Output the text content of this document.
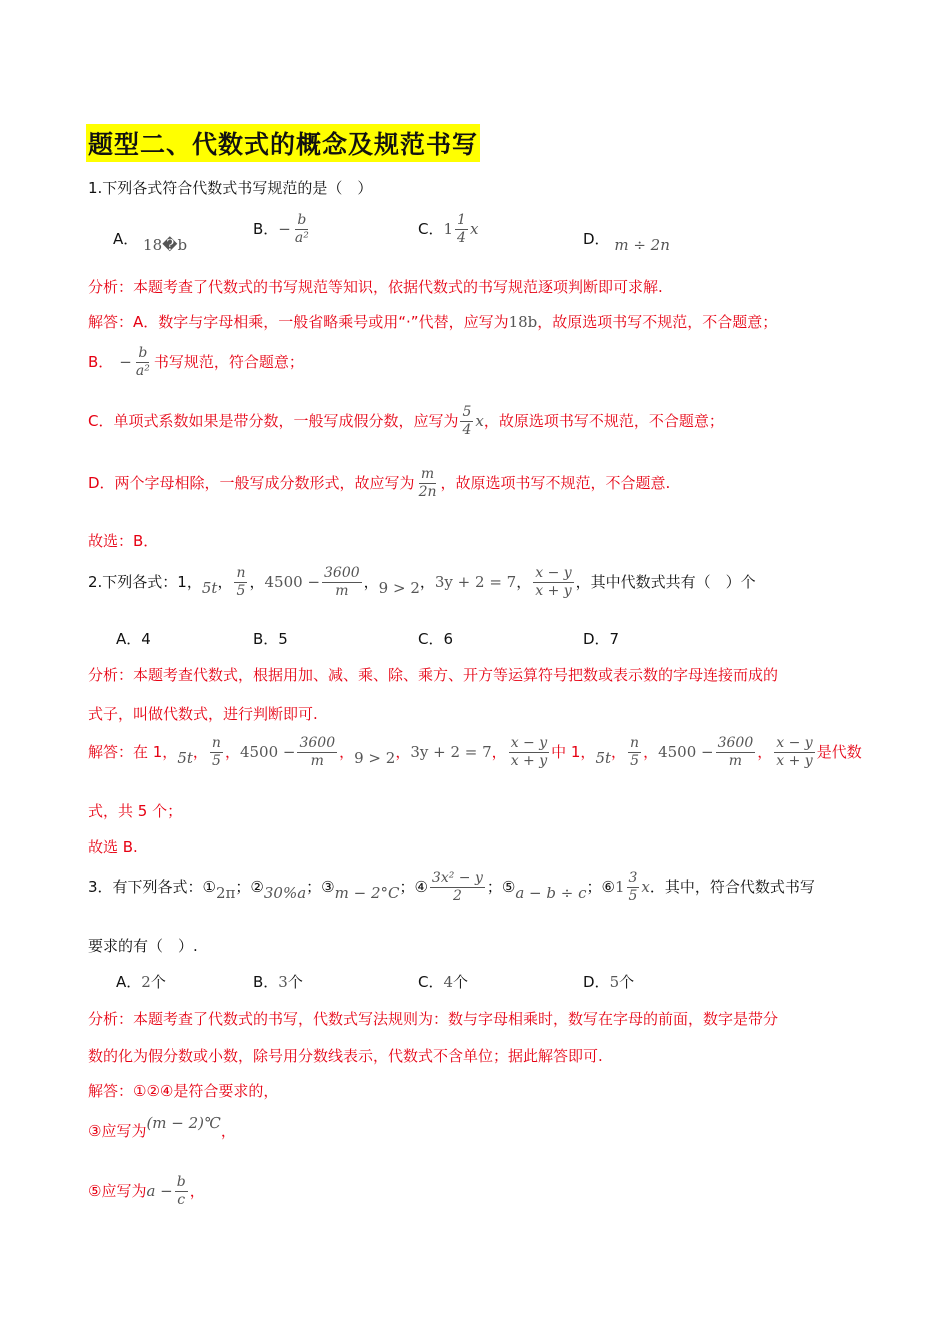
题型二、代数式的概念及规范书写
1.下列各式符合代数式书写规范的是（　）
A． 18�b
B．− $\frac{b}{\text{a²}}$	C．$1 \frac{1}{4}$ x
D． m ÷ 2n
分析：本题考查了代数式的书写规范等知识，依据代数式的书写规范逐项判断即可求解.
解答：A．数字与字母相乘，一般省略乘号或用“·”代替，应写为18b，故原选项书写不规范，不合题意；
B． − $\frac{b}{\text{a²}}$ 书写规范，符合题意；
C．单项式系数如果是带分数，一般写成假分数，应写为 $\frac{5}{4}$ x，故原选项书写不规范，不合题意；
D．两个字母相除，一般写成分数形式，故应写为 $\frac{m}{2n}$ ，故原选项书写不规范，不合题意.
故选：B．
2.下列各式：1，5t， $\frac{n}{5}$ ，$4500 - \frac{3600}{m}$ ，9 > 2，3y + 2 = 7， $\frac{x - y}{x + y}$ ，其中代数式共有（　）个
A．4	B．5	C．6	D．7
分析：本题考查代数式，根据用加、减、乘、除、乘方、开方等运算符号把数或表示数的字母连接而成的
式子，叫做代数式，进行判断即可.
解答：在 1，5t， $\frac{n}{5}$ ，$4500 - \frac{3600}{m}$ ，9 > 2，3y + 2 = 7， $\frac{x - y}{x + y}$ 中 1，5t， $\frac{n}{5}$ ，$4500 - \frac{3600}{m}$ ， $\frac{x - y}{x + y}$ 是代数
式，共 5 个；
故选 B.
3．有下列各式：①2π；②30%a；③m − 2°C；④ $\frac{\text{3x² − y}}{2}$ ；⑤a − b ÷ c；⑥1 $\frac{3}{5}$ x．其中，符合代数式书写
要求的有（　）.
A．2个	B．3个	C．4个	D．5个
分析：本题考查了代数式的书写，代数式写法规则为：数与字母相乘时，数写在字母的前面，数字是带分
数的化为假分数或小数，除号用分数线表示，代数式不含单位；据此解答即可.
解答：①②④是符合要求的，
③应写为(m − 2)℃，
⑤应写为$a - \frac{b}{c}$ ，
